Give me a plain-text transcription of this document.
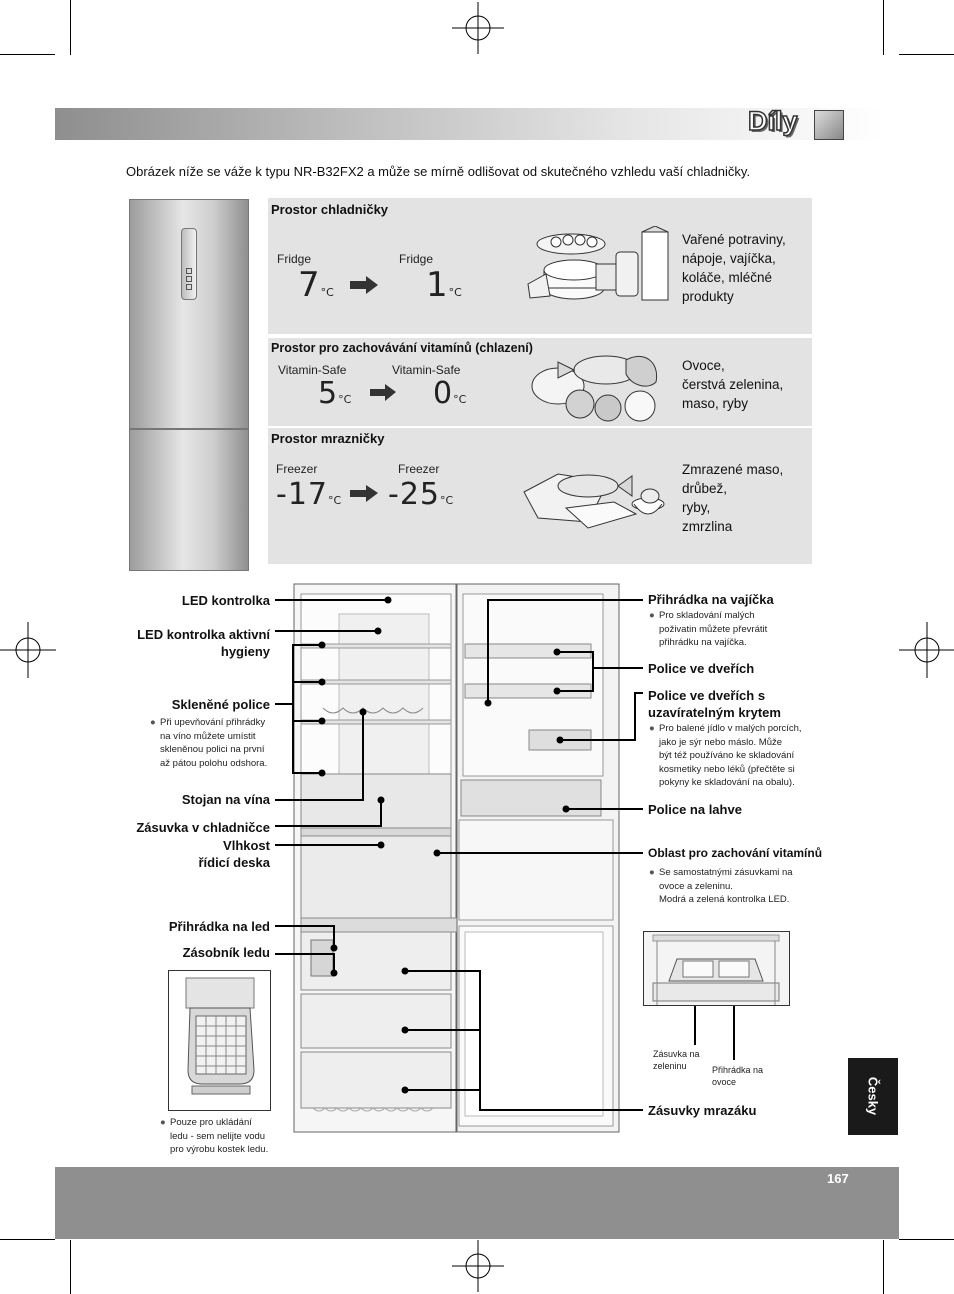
Díly
Obrázek níže se váže k typu NR-B32FX2 a může se mírně odlišovat od skutečného vzhledu vaší chladničky.
Prostor chladničky
Fridge
7°C
Fridge
1°C
Vařené potraviny,
nápoje, vajíčka,
koláče, mléčné
produkty
Prostor pro zachovávání vitamínů (chlazení)
Vitamin-Safe
5°C
Vitamin-Safe
0°C
Ovoce,
čerstvá zelenina,
maso, ryby
Prostor mrazničky
Freezer
-17°C
Freezer
-25°C
Zmrazené maso,
drůbež,
ryby,
zmrzlina
LED kontrolka
LED kontrolka aktivní
hygieny
Skleněné police
● Při upevňování přihrádky
na víno můžete umístit
skleněnou polici na první
až pátou polohu odshora.
Stojan na vína
Zásuvka v chladničce
Vlhkost
řídicí deska
Přihrádka na led
Zásobník ledu
● Pouze pro ukládání
ledu - sem nelijte vodu
pro výrobu kostek ledu.
Přihrádka na vajíčka
● Pro skladování malých
poživatin můžete převrátit
přihrádku na vajíčka.
Police ve dveřích
Police ve dveřích s
uzavíratelným krytem
● Pro balené jídlo v malých porcích,
jako je sýr nebo máslo. Může
být též používáno ke skladování
kosmetiky nebo léků (přečtěte si
pokyny ke skladování na obalu).
Police na lahve
Oblast pro zachování vitamínů
● Se samostatnými zásuvkami na
ovoce a zeleninu.
Modrá a zelená kontrolka LED.
Zásuvka na
zeleninu	Přihrádka na
ovoce
Zásuvky mrazáku	Česky
167
